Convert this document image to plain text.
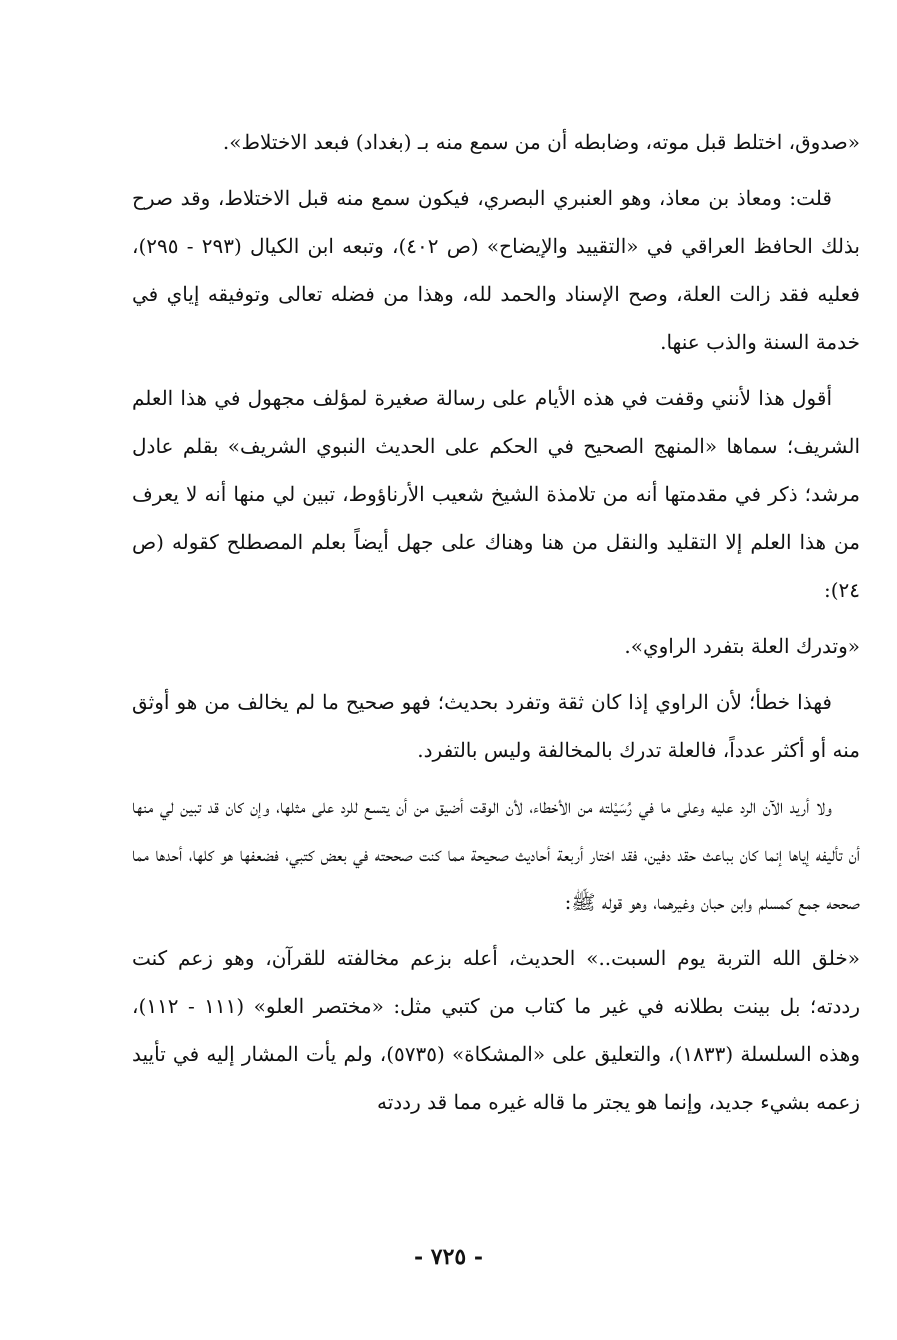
«صدوق، اختلط قبل موته، وضابطه أن من سمع منه بـ (بغداد) فبعد الاختلاط».

قلت: ومعاذ بن معاذ، وهو العنبري البصري، فيكون سمع منه قبل الاختلاط، وقد صرح بذلك الحافظ العراقي في «التقييد والإيضاح» (ص ٤٠٢)، وتبعه ابن الكيال (٢٩٣ - ٢٩٥)، فعليه فقد زالت العلة، وصح الإسناد والحمد لله، وهذا من فضله تعالى وتوفيقه إياي في خدمة السنة والذب عنها.

أقول هذا لأنني وقفت في هذه الأيام على رسالة صغيرة لمؤلف مجهول في هذا العلم الشريف؛ سماها «المنهج الصحيح في الحكم على الحديث النبوي الشريف» بقلم عادل مرشد؛ ذكر في مقدمتها أنه من تلامذة الشيخ شعيب الأرناؤوط، تبين لي منها أنه لا يعرف من هذا العلم إلا التقليد والنقل من هنا وهناك على جهل أيضاً بعلم المصطلح كقوله (ص ٢٤):

«وتدرك العلة بتفرد الراوي».

فهذا خطأ؛ لأن الراوي إذا كان ثقة وتفرد بحديث؛ فهو صحيح ما لم يخالف من هو أوثق منه أو أكثر عدداً، فالعلة تدرك بالمخالفة وليس بالتفرد.

ولا أريد الآن الرد عليه وعلى ما في رُسَيْلته من الأخطاء، لأن الوقت أضيق من أن يتسع للرد على مثلها، وإن كان قد تبين لي منها أن تأليفه إياها إنما كان بباعث حقد دفين، فقد اختار أربعة أحاديث صحيحة مما كنت صححته في بعض كتبي، فضعفها هو كلها، أحدها مما صححه جمع كمسلم وابن حبان وغيرهما، وهو قوله ﷺ:

«خلق الله التربة يوم السبت..» الحديث، أعله بزعم مخالفته للقرآن، وهو زعم كنت رددته؛ بل بينت بطلانه في غير ما كتاب من كتبي مثل: «مختصر العلو» (١١١ - ١١٢)، وهذه السلسلة (١٨٣٣)، والتعليق على «المشكاة» (٥٧٣٥)، ولم يأت المشار إليه في تأييد زعمه بشيء جديد، وإنما هو يجتر ما قاله غيره مما قد رددته

- ٧٢٥ -
